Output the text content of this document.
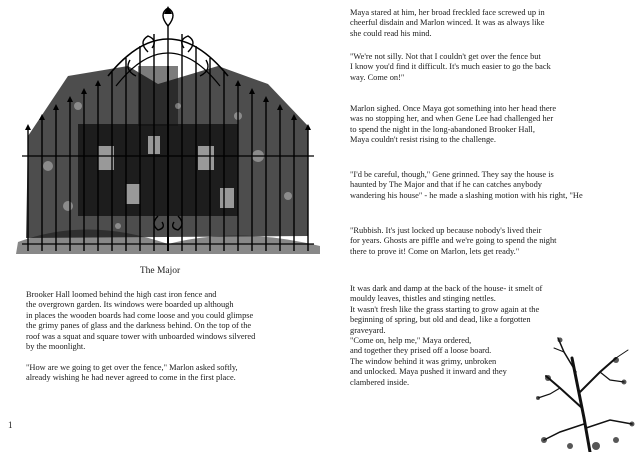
The Major

Brooker Hall loomed behind the high cast iron fence and
the overgrown garden. Its windows were boarded up although
in places the wooden boards had come loose and you could glimpse
the grimy panes of glass and the darkness behind. On the top of the
roof was a squat and square tower with unboarded windows silvered
by the moonlight.

"How are we going to get over the fence," Marlon asked softly,
already wishing he had never agreed to come in the first place.

1

Maya stared at him, her broad freckled face screwed up in
cheerful disdain and Marlon winced. It was as always like
she could read his mind.

"We're not silly. Not that I couldn't get over the fence but
I know you'd find it difficult. It's much easier to go the back
way. Come on!"

Marlon sighed. Once Maya got something into her head there
was no stopping her, and when Gene Lee had challenged her
to spend the night in the long-abandoned Brooker Hall,
Maya couldn't resist rising to the challenge.

"I'd be careful, though," Gene grinned. They say the house is
haunted by The Major and that if he can catches anybody
wandering his house" - he made a slashing motion with his right, "He

"Rubbish. It's just locked up because nobody's lived their
for years. Ghosts are piffle and we're going to spend the night
there to prove it! Come on Marlon, lets get ready."

It was dark and damp at the back of the house- it smelt of
mouldy leaves, thistles and stinging nettles.
It wasn't fresh like the grass starting to grow again at the
beginning of spring, but old and dead, like a forgotten
graveyard.
"Come on, help me," Maya ordered,
and together they prised off a loose board.
The window behind it was grimy, unbroken
and unlocked. Maya pushed it inward and they
clambered inside.
